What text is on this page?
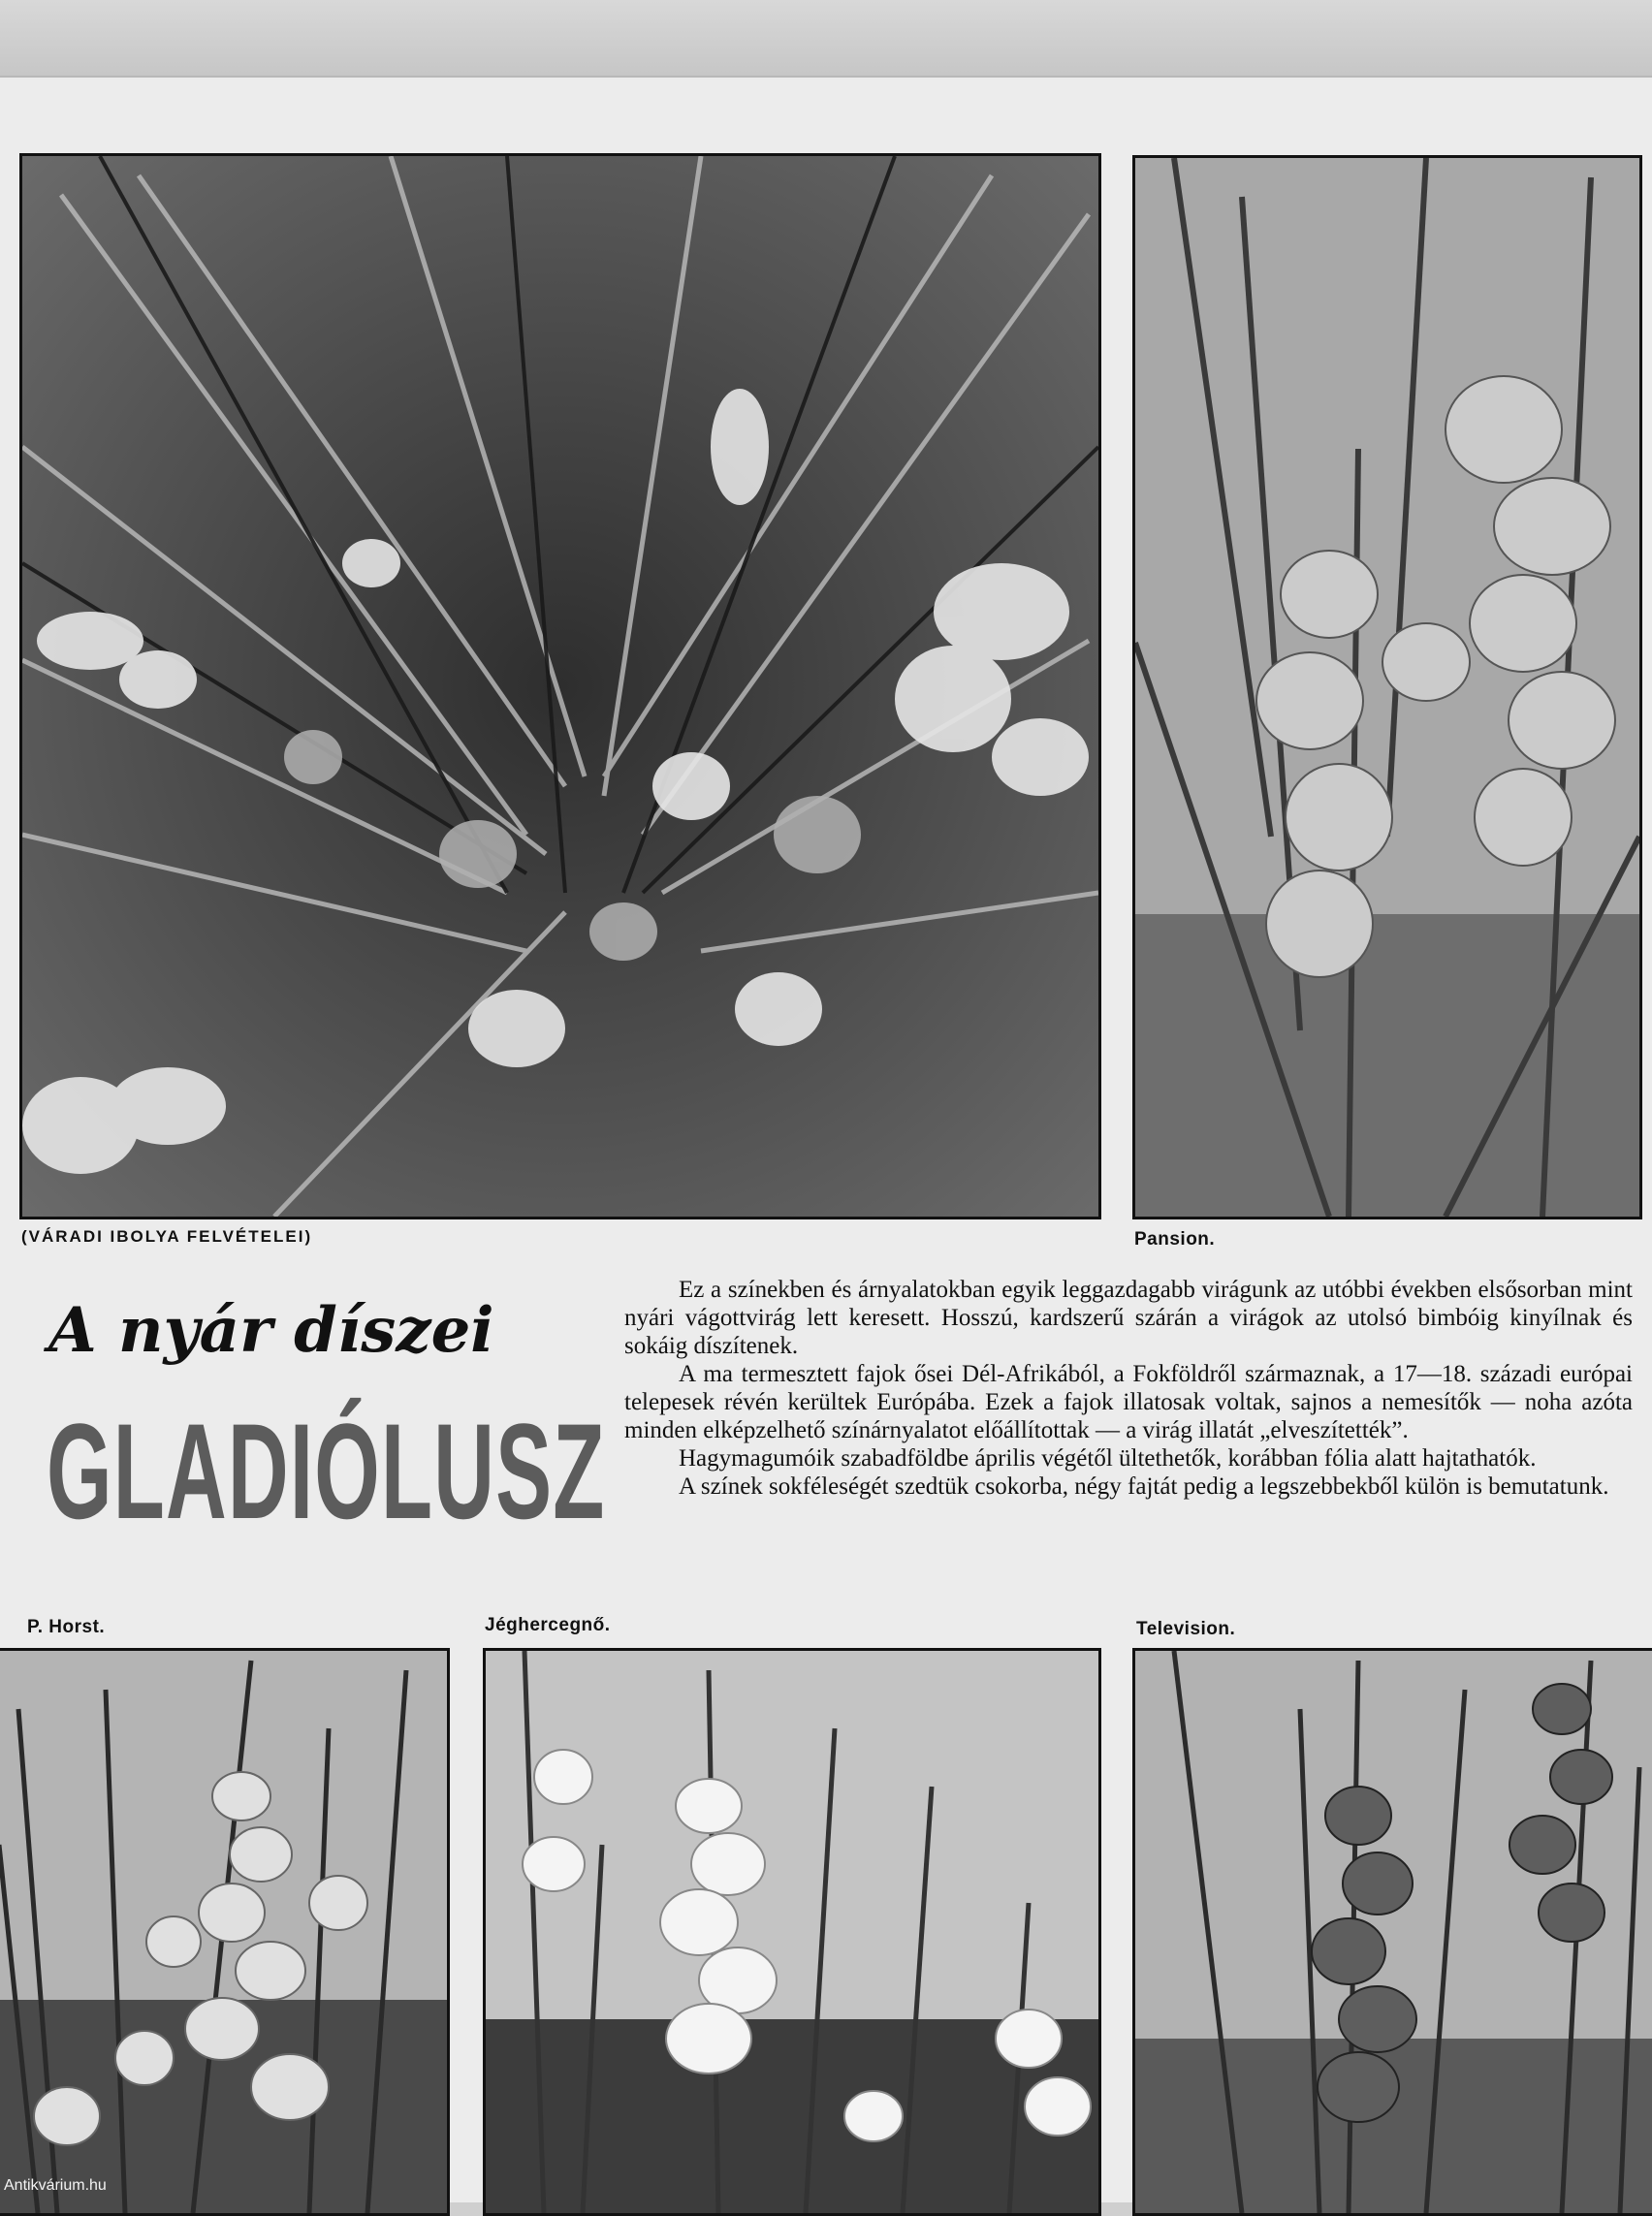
(VÁRADI IBOLYA FELVÉTELEI)	Pansion.
A nyár díszei
GLADIÓLUSZ

Ez a színekben és árnyalatokban egyik leggazdagabb virágunk az utóbbi években elsősorban mint nyári vágottvirág lett keresett. Hosszú, kardszerű szárán a virágok az utolsó bimbóig kinyílnak és sokáig díszítenek.

A ma termesztett fajok ősei Dél-Afrikából, a Fokföldről származnak, a 17—18. századi európai telepesek révén kerültek Európába. Ezek a fajok illatosak voltak, sajnos a nemesítők — noha azóta minden elképzelhető színárnyalatot előállítottak — a virág illatát „elveszítették”.

Hagymagumóik szabadföldbe április végétől ültethetők, korábban fólia alatt hajtathatók.

A színek sokféleségét szedtük csokorba, négy fajtát pedig a legszebbekből külön is bemutatunk.

P. Horst.	Jéghercegnő.	Television.
Antikvárium.hu
